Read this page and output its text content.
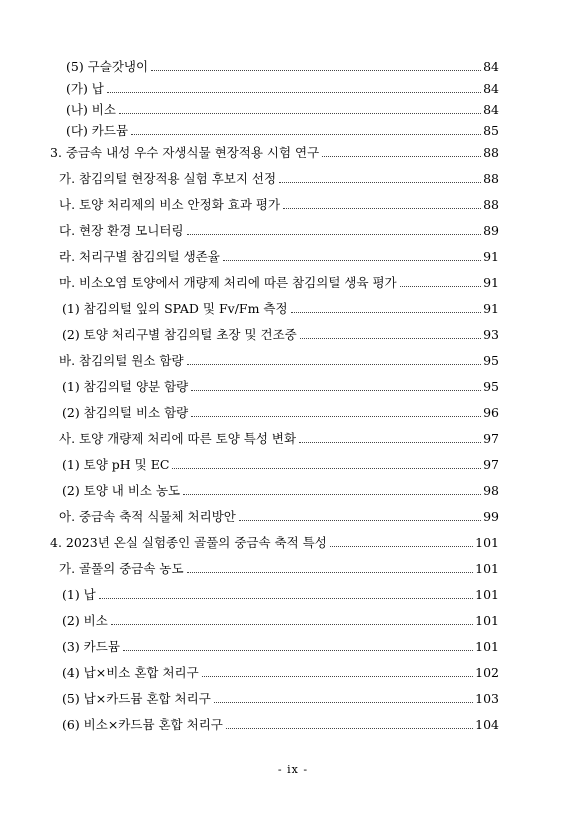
(5) 구슬갓냉이	84
(가) 납	84
(나) 비소	84
(다) 카드뮴	85
3. 중금속 내성 우수 자생식물 현장적용 시험 연구	88
가. 참김의털 현장적용 실험 후보지 선정	88
나. 토양 처리제의 비소 안정화 효과 평가	88
다. 현장 환경 모니터링	89
라. 처리구별 참김의털 생존율	91
마. 비소오염 토양에서 개량제 처리에 따른 참김의털 생육 평가	91
(1) 참김의털 잎의 SPAD 및 Fv/Fm 측정	91
(2) 토양 처리구별 참김의털 초장 및 건조중	93
바. 참김의털 원소 함량	95
(1) 참김의털 양분 함량	95
(2) 참김의털 비소 함량	96
사. 토양 개량제 처리에 따른 토양 특성 변화	97
(1) 토양 pH 및 EC	97
(2) 토양 내 비소 농도	98
아. 중금속 축적 식물체 처리방안	99
4. 2023년 온실 실험종인 골풀의 중금속 축적 특성	101
가. 골풀의 중금속 농도	101
(1) 납	101
(2) 비소	101
(3) 카드뮴	101
(4) 납×비소 혼합 처리구	102
(5) 납×카드뮴 혼합 처리구	103
(6) 비소×카드뮴 혼합 처리구	104
- ix -
